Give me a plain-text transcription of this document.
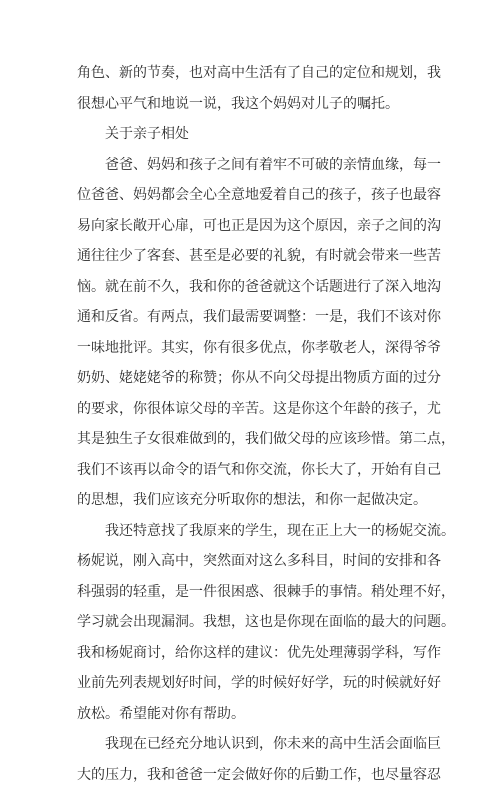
角色、新的节奏，也对高中生活有了自己的定位和规划，我
很想心平气和地说一说，我这个妈妈对儿子的嘱托。
关于亲子相处
爸爸、妈妈和孩子之间有着牢不可破的亲情血缘，每一
位爸爸、妈妈都会全心全意地爱着自己的孩子，孩子也最容
易向家长敞开心扉，可也正是因为这个原因，亲子之间的沟
通往往少了客套、甚至是必要的礼貌，有时就会带来一些苦
恼。就在前不久，我和你的爸爸就这个话题进行了深入地沟
通和反省。有两点，我们最需要调整：一是，我们不该对你
一味地批评。其实，你有很多优点，你孝敬老人，深得爷爷
奶奶、姥姥姥爷的称赞；你从不向父母提出物质方面的过分
的要求，你很体谅父母的辛苦。这是你这个年龄的孩子，尤
其是独生子女很难做到的，我们做父母的应该珍惜。第二点，
我们不该再以命令的语气和你交流，你长大了，开始有自己
的思想，我们应该充分听取你的想法，和你一起做决定。
我还特意找了我原来的学生，现在正上大一的杨妮交流。
杨妮说，刚入高中，突然面对这么多科目，时间的安排和各
科强弱的轻重，是一件很困惑、很棘手的事情。稍处理不好，
学习就会出现漏洞。我想，这也是你现在面临的最大的问题。
我和杨妮商讨，给你这样的建议：优先处理薄弱学科，写作
业前先列表规划好时间，学的时候好好学，玩的时候就好好
放松。希望能对你有帮助。
我现在已经充分地认识到，你未来的高中生活会面临巨
大的压力，我和爸爸一定会做好你的后勤工作，也尽量容忍
